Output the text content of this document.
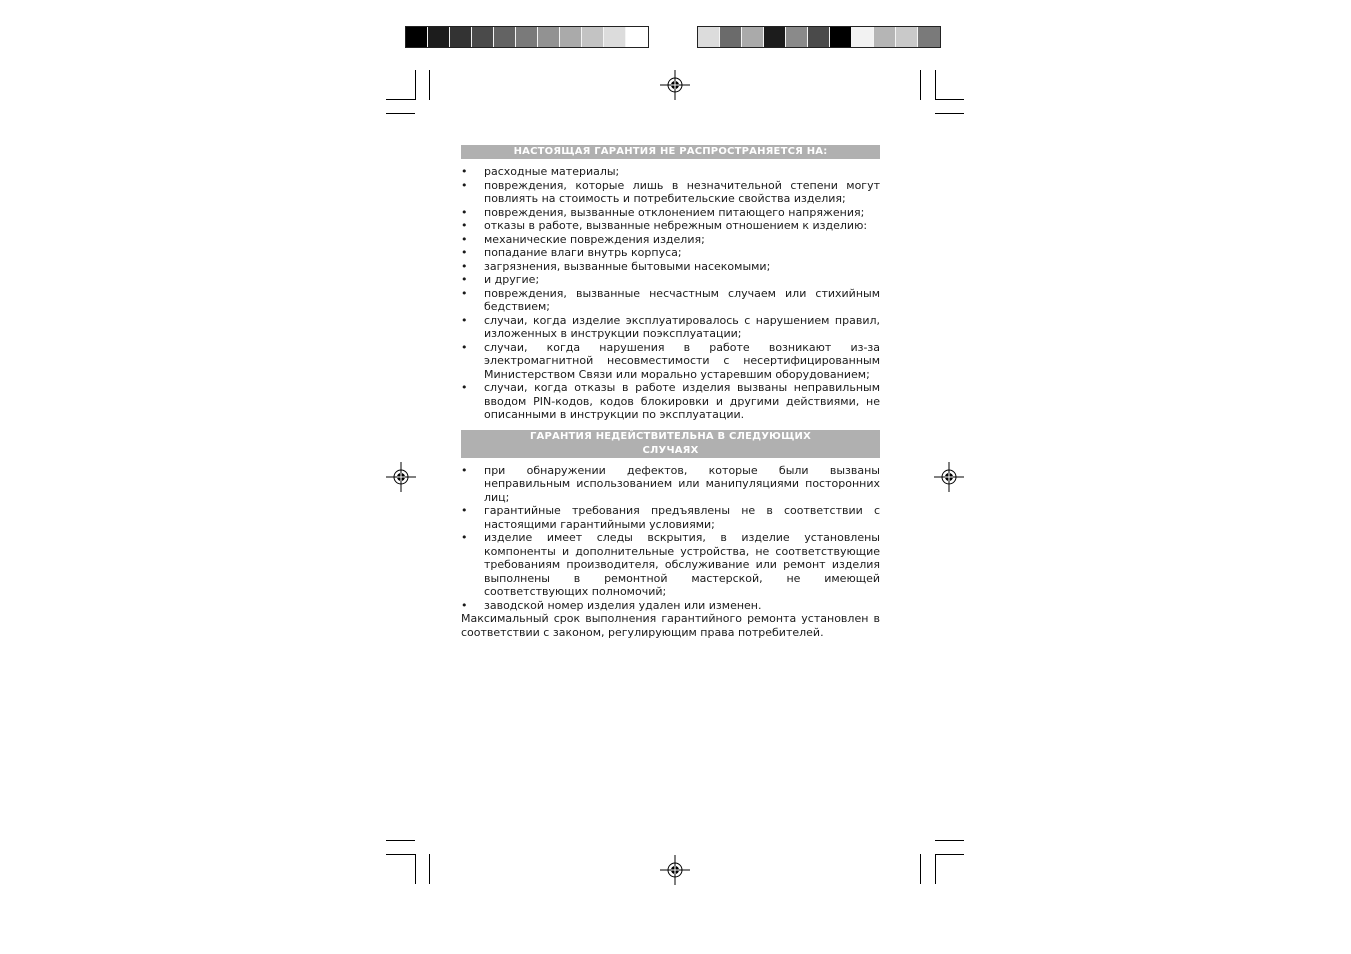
НАСТОЯЩАЯ ГАРАНТИЯ НЕ РАСПРОСТРАНЯЕТСЯ НА:
• расходные материалы;
• повреждения, которые лишь в незначительной степени могут повлиять на стоимость и потребительские свойства изделия;
• повреждения, вызванные отклонением питающего напряжения;
• отказы в работе, вызванные небрежным отношением к изделию:
• механические повреждения изделия;
• попадание влаги внутрь корпуса;
• загрязнения, вызванные бытовыми насекомыми;
• и другие;
• повреждения, вызванные несчастным случаем или стихийным бедствием;
• случаи, когда изделие эксплуатировалось с нарушением правил, изложенных в инструкции поэксплуатации;
• случаи, когда нарушения в работе возникают из-за электромагнитной несовместимости с несертифицированным Министерством Связи или морально устаревшим оборудованием;
• случаи, когда отказы в работе изделия вызваны неправильным вводом PIN-кодов, кодов блокировки и другими действиями, не описанными в инструкции по эксплуатации.
ГАРАНТИЯ НЕДЕЙСТВИТЕЛЬНА В СЛЕДУЮЩИХ СЛУЧАЯХ
• при обнаружении дефектов, которые были вызваны неправильным использованием или манипуляциями посторонних лиц;
• гарантийные требования предъявлены не в соответствии с настоящими гарантийными условиями;
• изделие имеет следы вскрытия, в изделие установлены компоненты и дополнительные устройства, не соответствующие требованиям производителя, обслуживание или ремонт изделия выполнены в ремонтной мастерской, не имеющей соответствующих полномочий;
• заводской номер изделия удален или изменен.

Максимальный срок выполнения гарантийного ремонта установлен в соответствии с законом, регулирующим права потребителей.
